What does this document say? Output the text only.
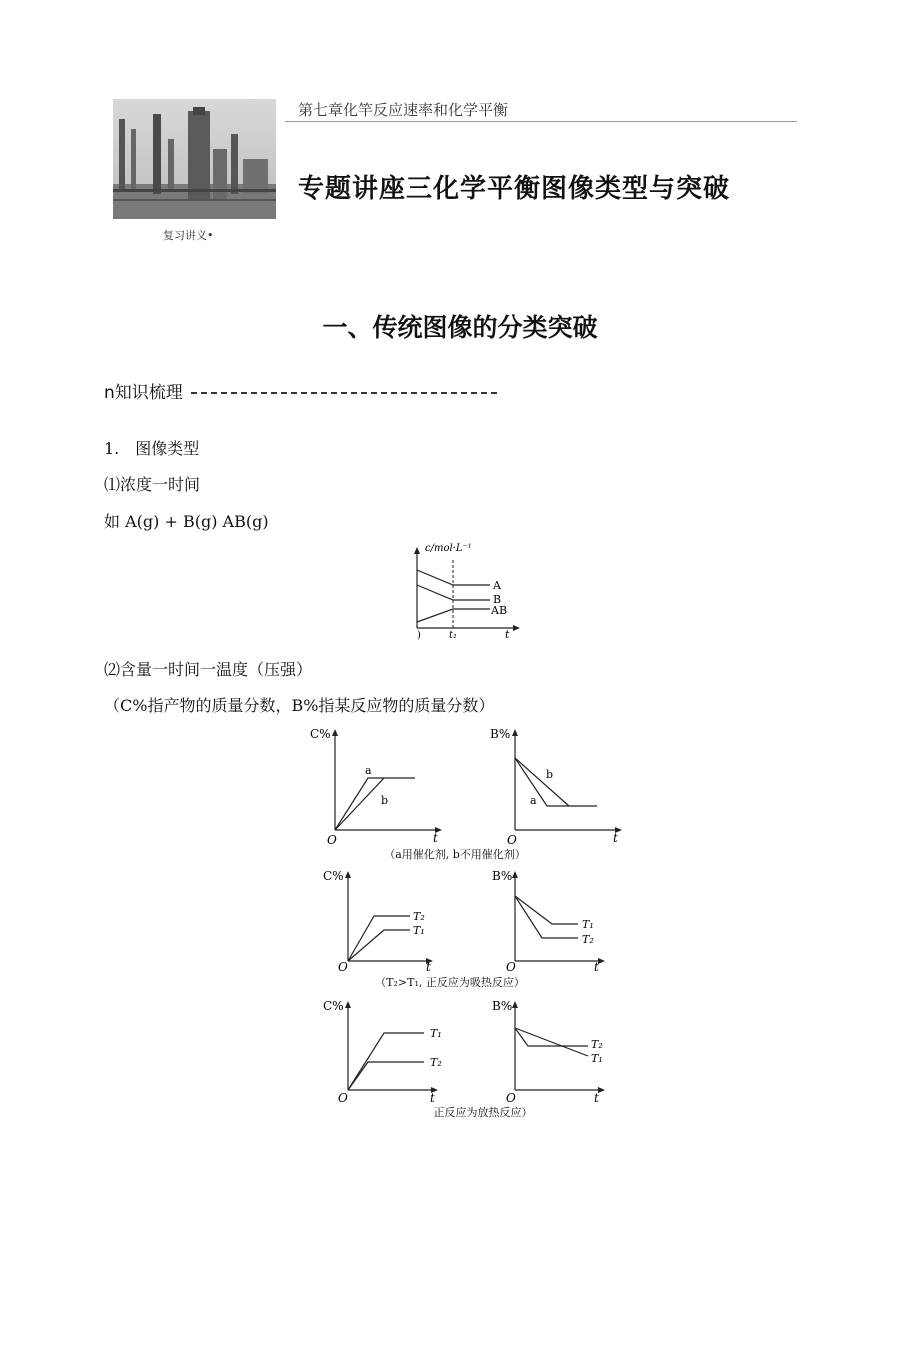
复习讲义•
第七章化竿反应速率和化学平衡
专题讲座三化学平衡图像类型与突破
一、传统图像的分类突破
n知识梳理
1.　图像类型
⑴浓度一时间
如 A(g) + B(g) AB(g)
c/mol·L⁻¹
A
B
AB
)	t₁	t
⑵含量一时间一温度（压强）
（C%指产物的质量分数，B%指某反应物的质量分数）
C%
a
b
O	t
B%
a
b
O	t
（a用催化剂, b不用催化剂）
C%
T₂
T₁
O	t
B%
T₁
T₂
O	t
（T₂>T₁, 正反应为吸热反应）
C%
T₁
T₂
O	t
B%
T₂
T₁
O	t
正反应为放热反应）
